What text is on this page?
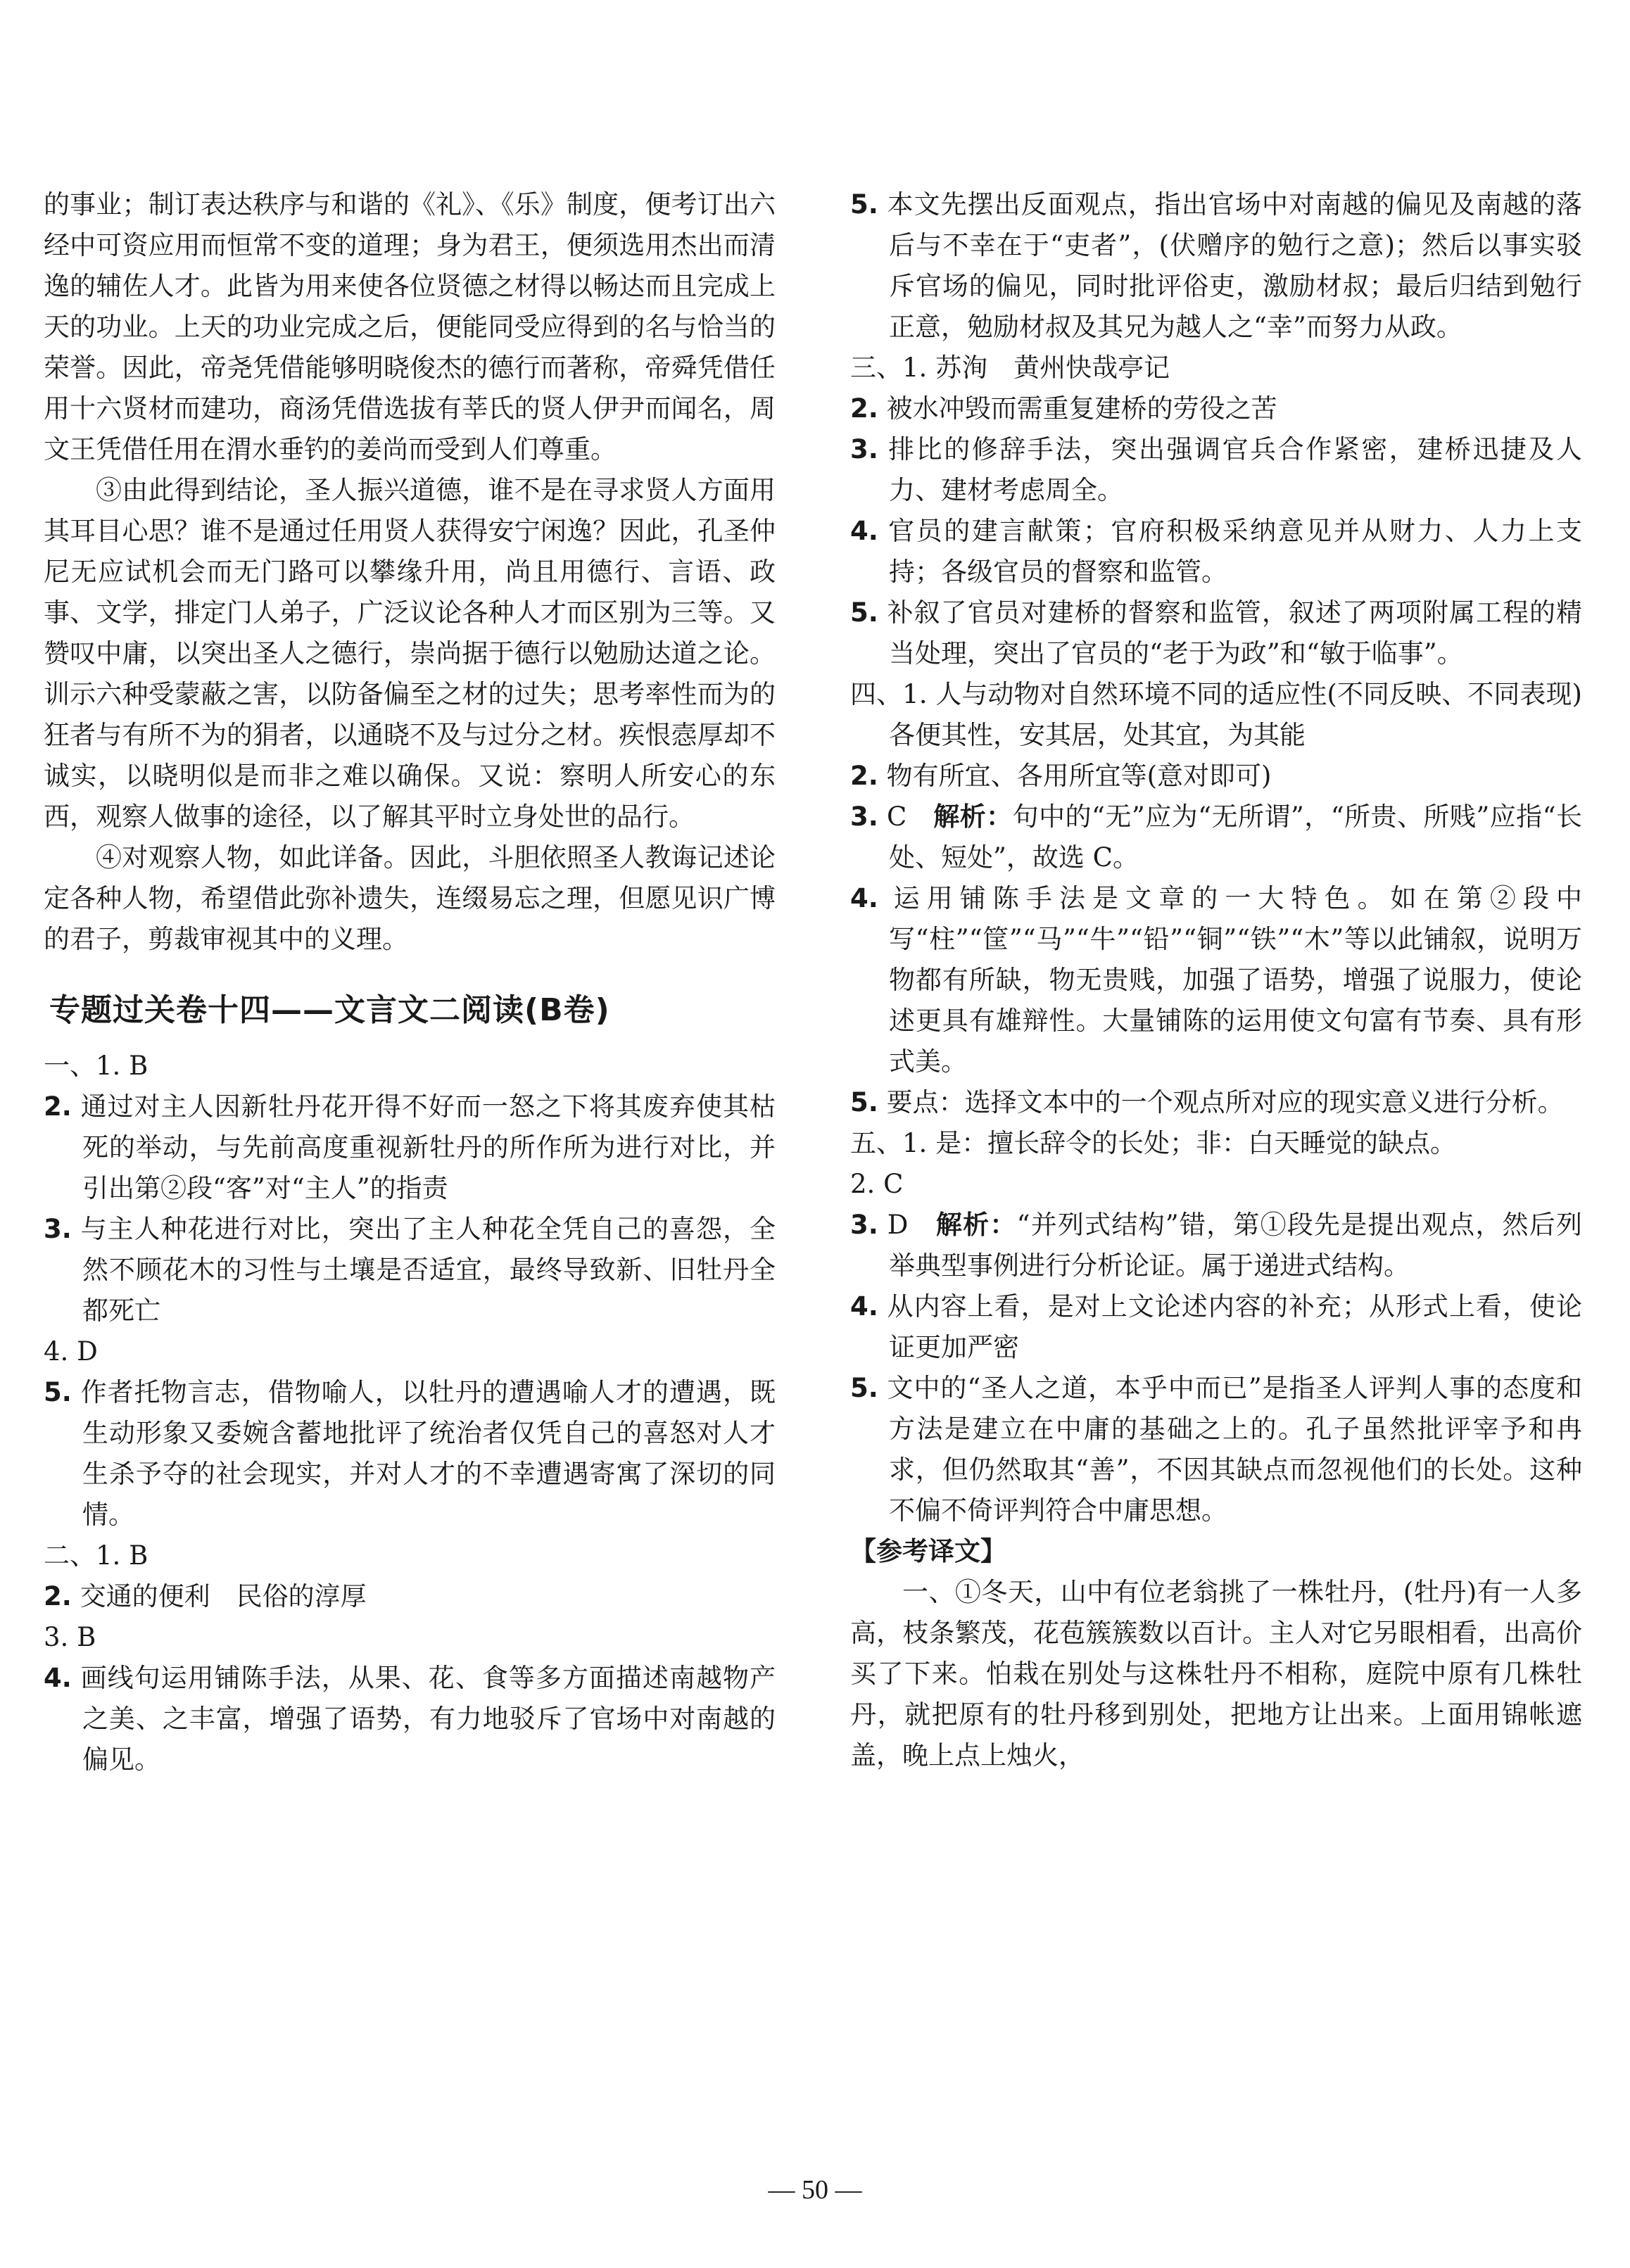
的事业；制订表达秩序与和谐的《礼》、《乐》制度，便考订出六经中可资应用而恒常不变的道理；身为君王，便须选用杰出而清逸的辅佐人才。此皆为用来使各位贤德之材得以畅达而且完成上天的功业。上天的功业完成之后，便能同受应得到的名与恰当的荣誉。因此，帝尧凭借能够明晓俊杰的德行而著称，帝舜凭借任用十六贤材而建功，商汤凭借选拔有莘氏的贤人伊尹而闻名，周文王凭借任用在渭水垂钓的姜尚而受到人们尊重。

③由此得到结论，圣人振兴道德，谁不是在寻求贤人方面用其耳目心思？谁不是通过任用贤人获得安宁闲逸？因此，孔圣仲尼无应试机会而无门路可以攀缘升用，尚且用德行、言语、政事、文学，排定门人弟子，广泛议论各种人才而区别为三等。又赞叹中庸，以突出圣人之德行，崇尚据于德行以勉励达道之论。训示六种受蒙蔽之害，以防备偏至之材的过失；思考率性而为的狂者与有所不为的狷者，以通晓不及与过分之材。疾恨悫厚却不诚实，以晓明似是而非之难以确保。又说：察明人所安心的东西，观察人做事的途径，以了解其平时立身处世的品行。

④对观察人物，如此详备。因此，斗胆依照圣人教诲记述论定各种人物，希望借此弥补遗失，连缀易忘之理，但愿见识广博的君子，剪裁审视其中的义理。

专题过关卷十四——文言文二阅读(B卷)

一、1. B

2. 通过对主人因新牡丹花开得不好而一怒之下将其废弃使其枯死的举动，与先前高度重视新牡丹的所作所为进行对比，并引出第②段“客”对“主人”的指责

3. 与主人种花进行对比，突出了主人种花全凭自己的喜怨，全然不顾花木的习性与土壤是否适宜，最终导致新、旧牡丹全都死亡

4. D

5. 作者托物言志，借物喻人，以牡丹的遭遇喻人才的遭遇，既生动形象又委婉含蓄地批评了统治者仅凭自己的喜怒对人才生杀予夺的社会现实，并对人才的不幸遭遇寄寓了深切的同情。

二、1. B

2. 交通的便利　民俗的淳厚

3. B

4. 画线句运用铺陈手法，从果、花、食等多方面描述南越物产之美、之丰富，增强了语势，有力地驳斥了官场中对南越的偏见。

5. 本文先摆出反面观点，指出官场中对南越的偏见及南越的落后与不幸在于“吏者”，(伏赠序的勉行之意)；然后以事实驳斥官场的偏见，同时批评俗吏，激励材叔；最后归结到勉行正意，勉励材叔及其兄为越人之“幸”而努力从政。

三、1. 苏洵　黄州快哉亭记

2. 被水冲毁而需重复建桥的劳役之苦

3. 排比的修辞手法，突出强调官兵合作紧密，建桥迅捷及人力、建材考虑周全。

4. 官员的建言献策；官府积极采纳意见并从财力、人力上支持；各级官员的督察和监管。

5. 补叙了官员对建桥的督察和监管，叙述了两项附属工程的精当处理，突出了官员的“老于为政”和“敏于临事”。

四、1. 人与动物对自然环境不同的适应性(不同反映、不同表现)　各便其性，安其居，处其宜，为其能

2. 物有所宜、各用所宜等(意对即可)

3. C　解析：句中的“无”应为“无所谓”，“所贵、所贱”应指“长处、短处”，故选 C。

4. 运用铺陈手法是文章的一大特色。如在第②段中写“柱”“筐”“马”“牛”“铅”“铜”“铁”“木”等以此铺叙，说明万物都有所缺，物无贵贱，加强了语势，增强了说服力，使论述更具有雄辩性。大量铺陈的运用使文句富有节奏、具有形式美。

5. 要点：选择文本中的一个观点所对应的现实意义进行分析。

五、1. 是：擅长辞令的长处；非：白天睡觉的缺点。

2. C

3. D　解析：“并列式结构”错，第①段先是提出观点，然后列举典型事例进行分析论证。属于递进式结构。

4. 从内容上看，是对上文论述内容的补充；从形式上看，使论证更加严密

5. 文中的“圣人之道，本乎中而已”是指圣人评判人事的态度和方法是建立在中庸的基础之上的。孔子虽然批评宰予和冉求，但仍然取其“善”，不因其缺点而忽视他们的长处。这种不偏不倚评判符合中庸思想。

【参考译文】

一、①冬天，山中有位老翁挑了一株牡丹，(牡丹)有一人多高，枝条繁茂，花苞簇簇数以百计。主人对它另眼相看，出高价买了下来。怕栽在别处与这株牡丹不相称，庭院中原有几株牡丹，就把原有的牡丹移到别处，把地方让出来。上面用锦帐遮盖，晚上点上烛火，

— 50 —
